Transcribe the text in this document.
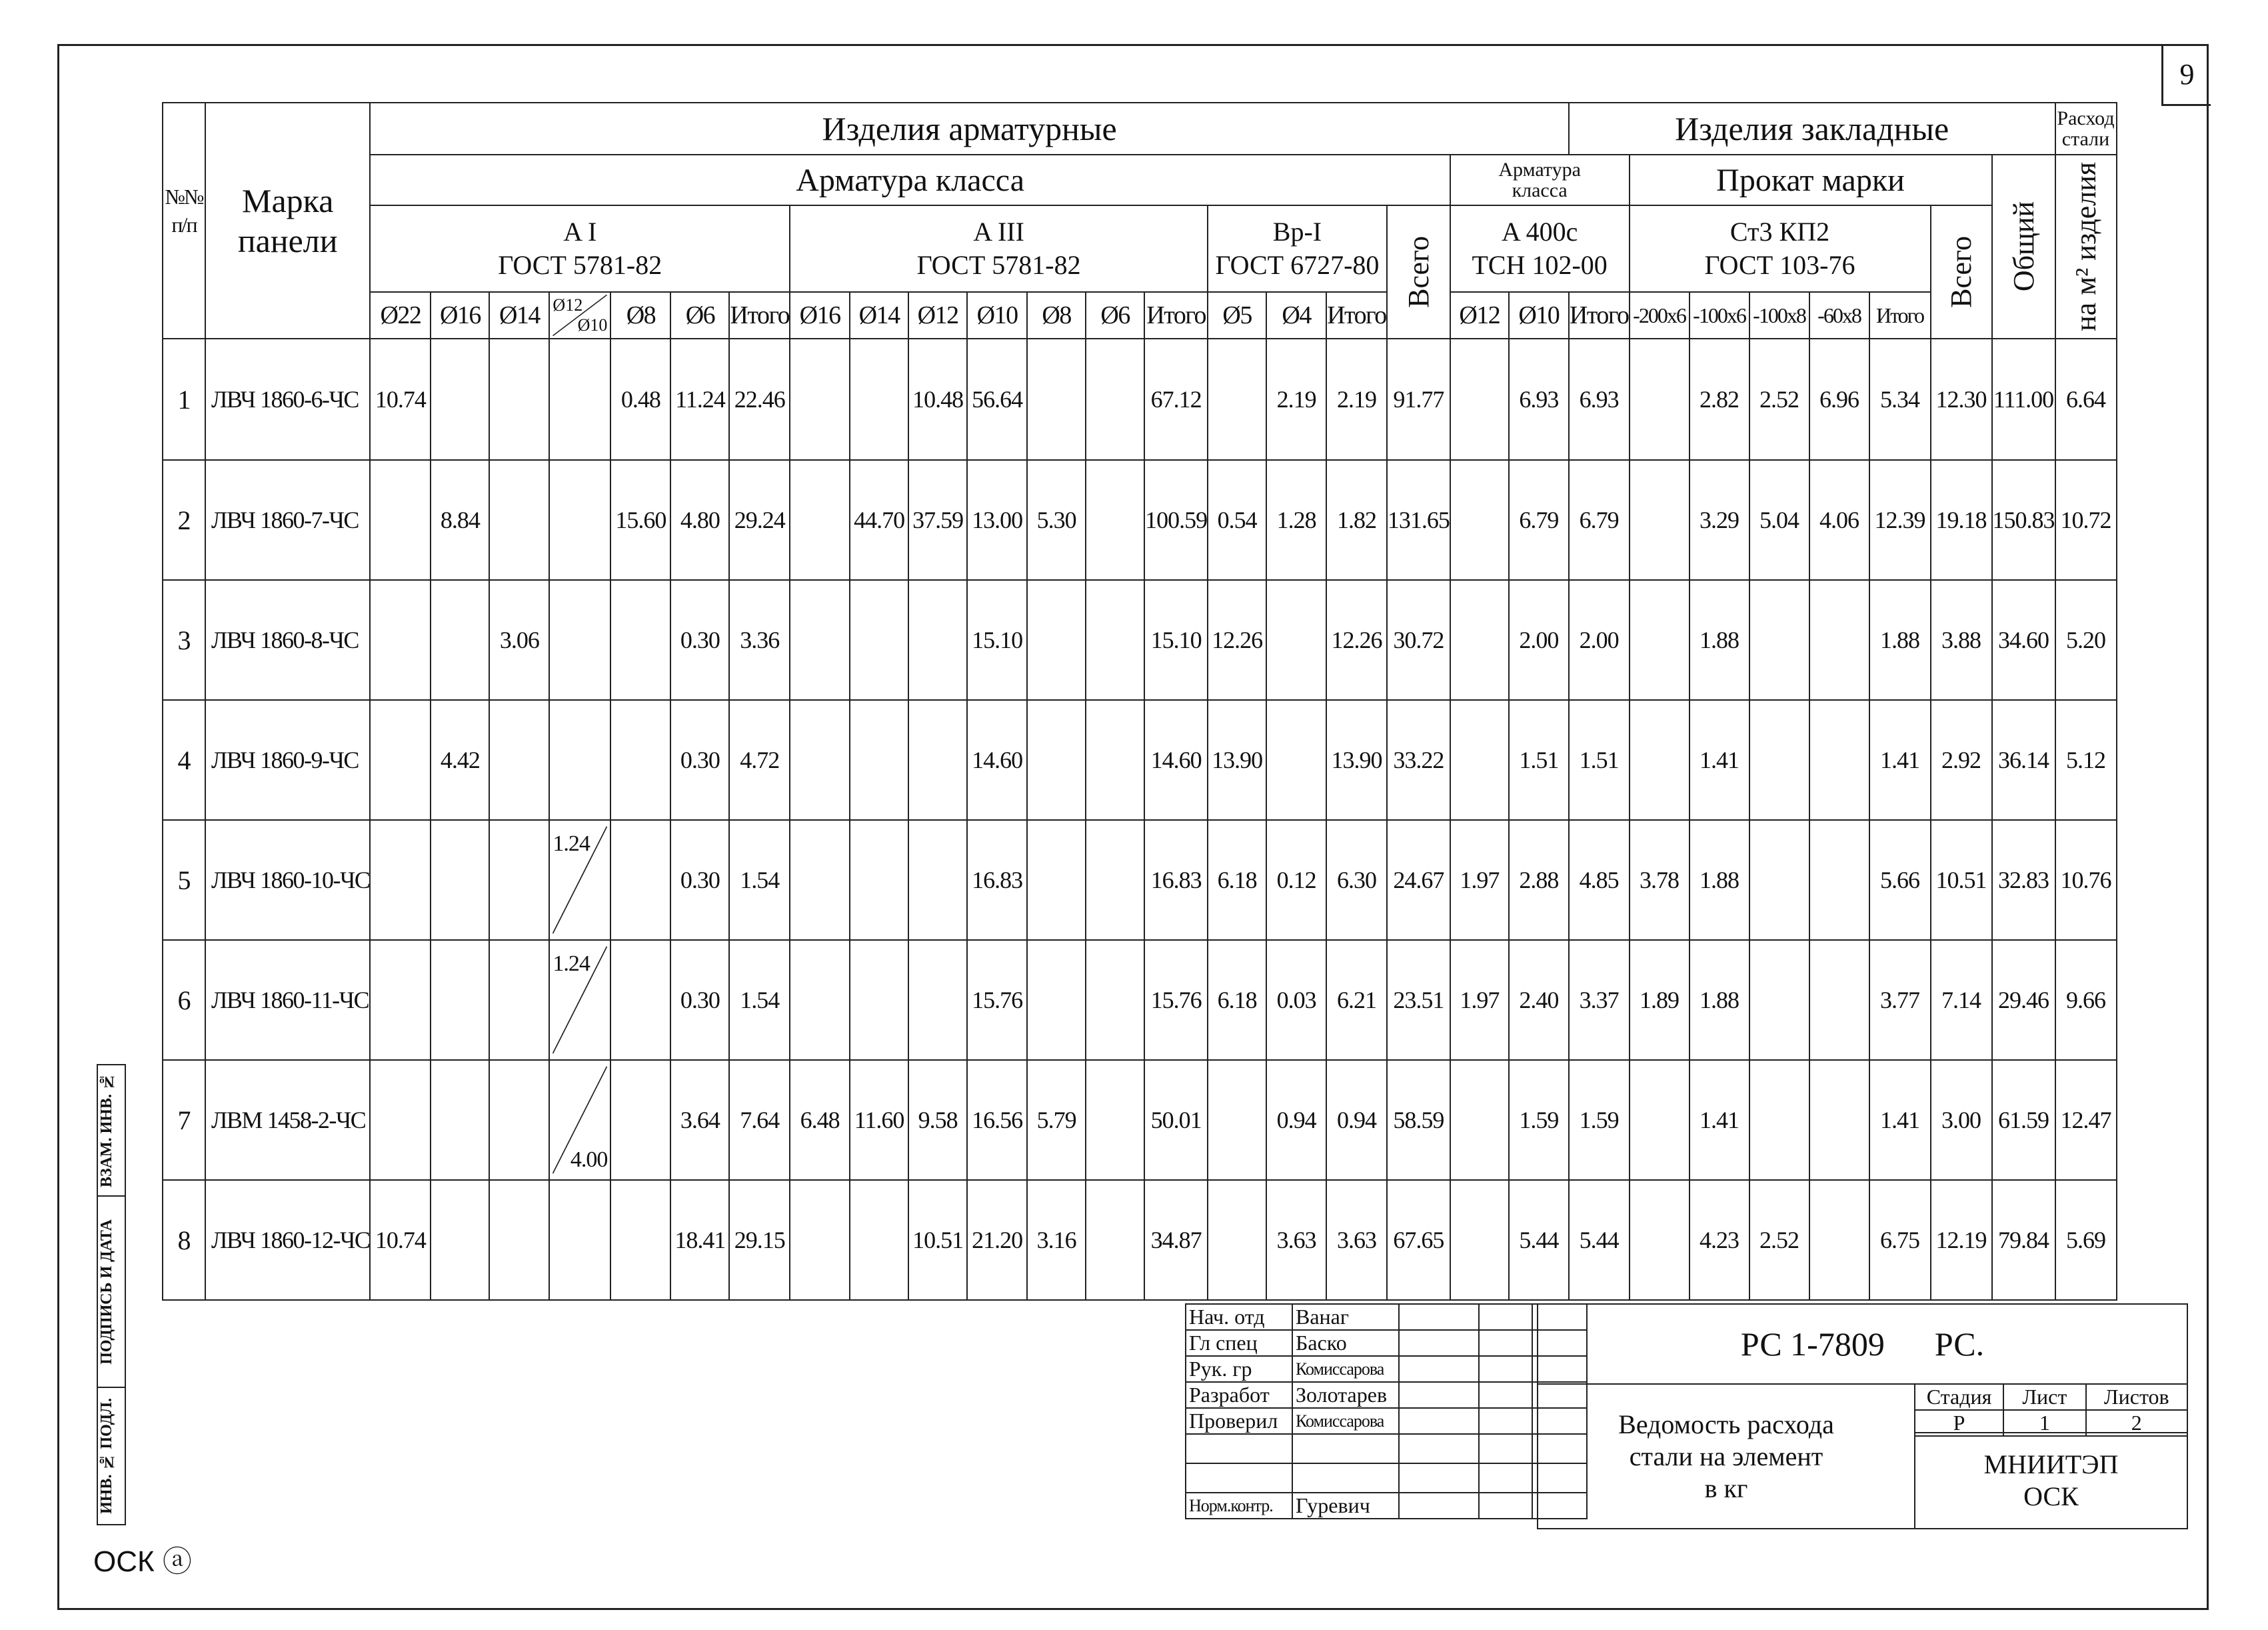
9
№№ п/п	Марка панели	Изделия арматурные																				Изделия закладные								Расход
стали
		Арматура класса																		Арматура
класса			Прокат марки						Общий	на м² изделия

		A I
ГОСТ 5781-82							A III
ГОСТ 5781-82							Вр-I
ГОСТ 6727-80			Всего	A 400c
ТСН 102-00			Ст3 КП2
ГОСТ 103-76					Всего		

		Ø22	Ø16	Ø14	Ø12
Ø10	Ø8	Ø6	Итого	Ø16	Ø14	Ø12	Ø10	Ø8	Ø6	Итого	Ø5	Ø4	Итого		Ø12	Ø10	Итого	-200x6	-100x6	-100x8	-60x8	Итого			
1	ЛВЧ 1860-6-ЧС	10.74				0.48	11.24	22.46			10.48	56.64			67.12		2.19	2.19	91.77		6.93	6.93		2.82	2.52	6.96	5.34	12.30	111.00	6.64
2	ЛВЧ 1860-7-ЧС		8.84			15.60	4.80	29.24		44.70	37.59	13.00	5.30		100.59	0.54	1.28	1.82	131.65		6.79	6.79		3.29	5.04	4.06	12.39	19.18	150.83	10.72
3	ЛВЧ 1860-8-ЧС			3.06			0.30	3.36				15.10			15.10	12.26		12.26	30.72		2.00	2.00		1.88			1.88	3.88	34.60	5.20
4	ЛВЧ 1860-9-ЧС		4.42				0.30	4.72				14.60			14.60	13.90		13.90	33.22		1.51	1.51		1.41			1.41	2.92	36.14	5.12
5	ЛВЧ 1860-10-ЧС				1.24		0.30	1.54				16.83			16.83	6.18	0.12	6.30	24.67	1.97	2.88	4.85	3.78	1.88			5.66	10.51	32.83	10.76
6	ЛВЧ 1860-11-ЧС				1.24		0.30	1.54				15.76			15.76	6.18	0.03	6.21	23.51	1.97	2.40	3.37	1.89	1.88			3.77	7.14	29.46	9.66
7	ЛВМ 1458-2-ЧС				4.00		3.64	7.64	6.48	11.60	9.58	16.56	5.79		50.01		0.94	0.94	58.59		1.59	1.59		1.41			1.41	3.00	61.59	12.47
8	ЛВЧ 1860-12-ЧС	10.74					18.41	29.15			10.51	21.20	3.16		34.87		3.63	3.63	67.65		5.44	5.44		4.23	2.52		6.75	12.19	79.84	5.69
ВЗАМ. ИНВ. №

ПОДПИСЬ И ДАТА

ИНВ. № ПОДЛ.
Нач. отд	Ванаг			
Гл спец	Баско			
Рук. гр	Комиссарова			
Разработ	Золотарев			
Проверил	Комиссарова			

Норм.контр.	Гуревич			
РС 1-7809      РС.
Ведомость расхода
стали на элемент
в кг
Стадия	Лист	Листов
Р	1	2
МНИИТЭП
ОСК
ОСК ⓐ
